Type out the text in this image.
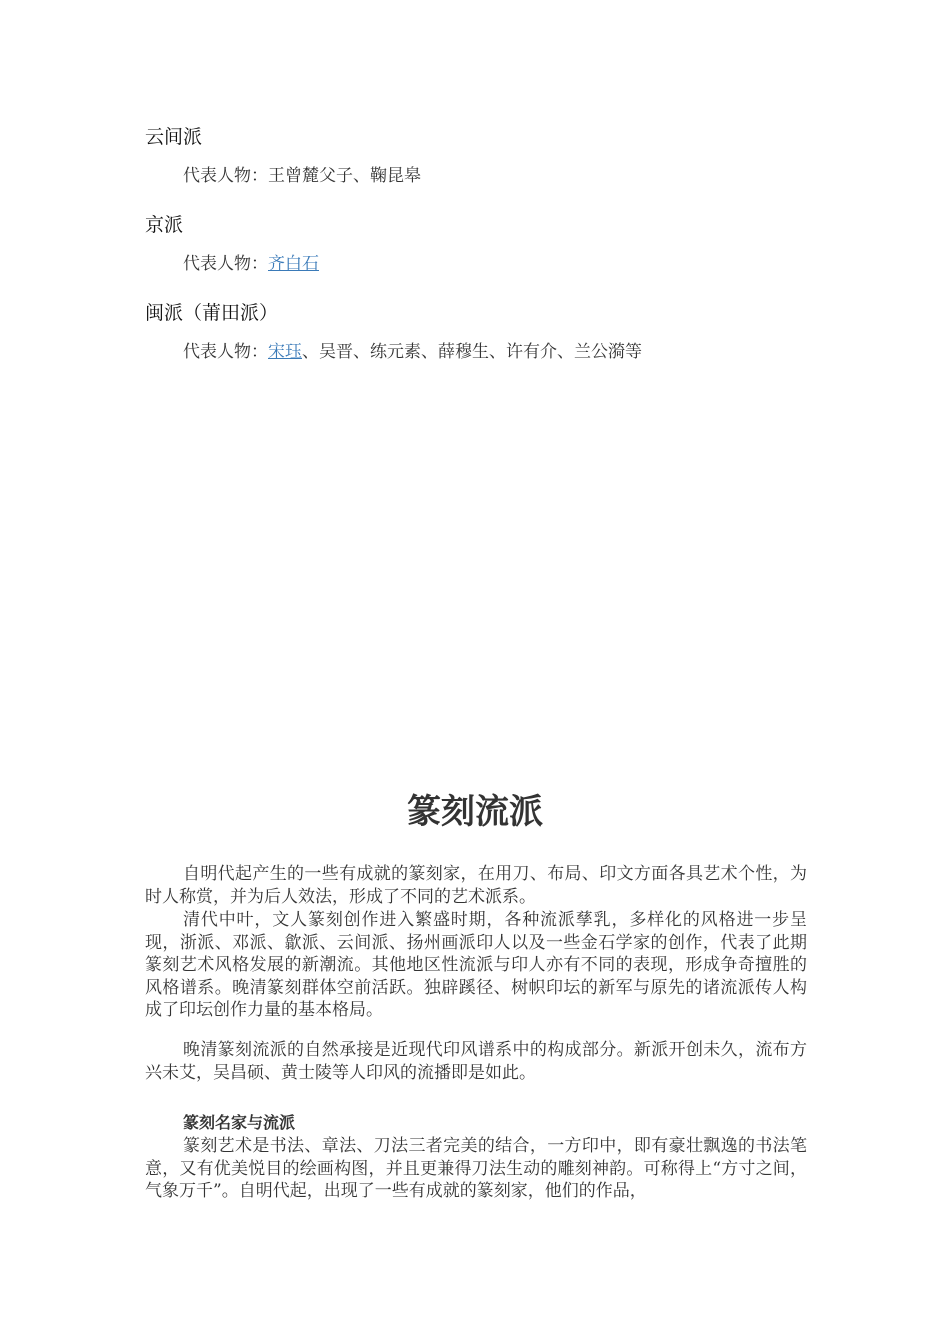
云间派

代表人物：王曾麓父子、鞠昆皋

京派

代表人物：齐白石

闽派（莆田派）

代表人物：宋珏、吴晋、练元素、薛穆生、许有介、兰公漪等

篆刻流派

自明代起产生的一些有成就的篆刻家，在用刀、布局、印文方面各具艺术个性，为时人称赏，并为后人效法，形成了不同的艺术派系。

清代中叶，文人篆刻创作进入繁盛时期，各种流派孳乳，多样化的风格进一步呈现，浙派、邓派、歙派、云间派、扬州画派印人以及一些金石学家的创作，代表了此期篆刻艺术风格发展的新潮流。其他地区性流派与印人亦有不同的表现，形成争奇擅胜的风格谱系。晚清篆刻群体空前活跃。独辟蹊径、树帜印坛的新军与原先的诸流派传人构成了印坛创作力量的基本格局。

晚清篆刻流派的自然承接是近现代印风谱系中的构成部分。新派开创未久，流布方兴未艾，吴昌硕、黄士陵等人印风的流播即是如此。

篆刻名家与流派

篆刻艺术是书法、章法、刀法三者完美的结合，一方印中，即有豪壮飘逸的书法笔意，又有优美悦目的绘画构图，并且更兼得刀法生动的雕刻神韵。可称得上“方寸之间，气象万千”。自明代起，出现了一些有成就的篆刻家，他们的作品，
